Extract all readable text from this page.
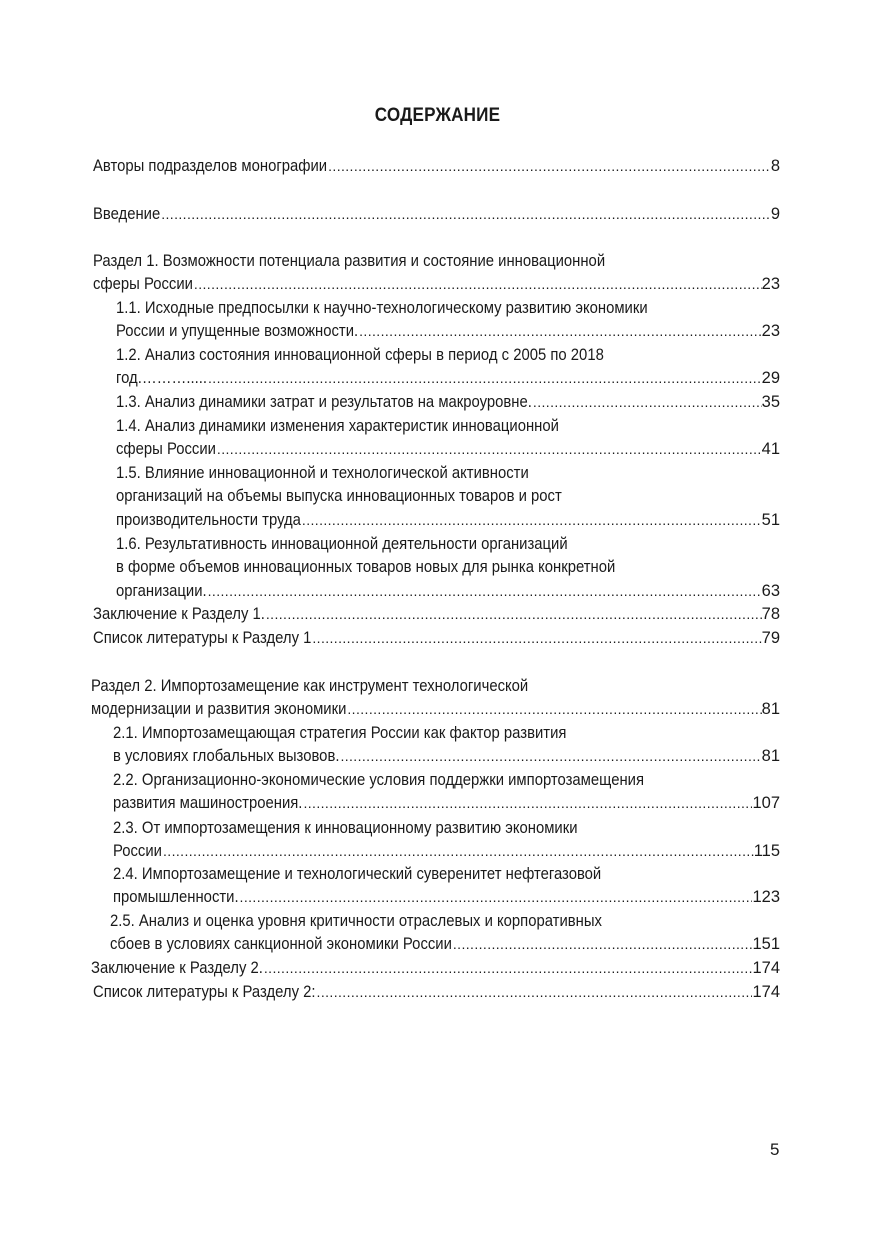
СОДЕРЖАНИЕ
Авторы подразделов монографии .....	8
Введение .....	9
Раздел 1. Возможности потенциала развития и состояние инновационной
сферы России .....	23
1.1. Исходные предпосылки к научно-технологическому развитию экономики
России и упущенные возможности. .....	23
1.2. Анализ состояния инновационной сферы в период с 2005 по 2018
год.………..... .....	29
1.3. Анализ динамики затрат и результатов на макроуровне. .....	35
1.4. Анализ динамики изменения характеристик инновационной
сферы России .....	41
1.5. Влияние инновационной и технологической активности
организаций на объемы выпуска инновационных товаров и рост
производительности труда .....	51
1.6. Результативность инновационной деятельности организаций
в форме объемов инновационных товаров новых для рынка конкретной
организации. .....	63
Заключение к Разделу 1. .....	78
Список литературы к Разделу 1 .....	79
Раздел 2. Импортозамещение как инструмент технологической
модернизации и развития экономики .....	81
2.1. Импортозамещающая стратегия России как фактор развития
в условиях глобальных вызовов. .....	81
2.2. Организационно-экономические условия поддержки импортозамещения
развития машиностроения. .....	107
2.3. От импортозамещения к инновационному развитию экономики
России .....	115
2.4. Импортозамещение и технологический суверенитет нефтегазовой
промышленности. .....	123
2.5. Анализ и оценка уровня критичности отраслевых и корпоративных
сбоев в условиях санкционной экономики России .....	151
Заключение к Разделу 2. .....	174
Список литературы к Разделу 2: .....	174
5
